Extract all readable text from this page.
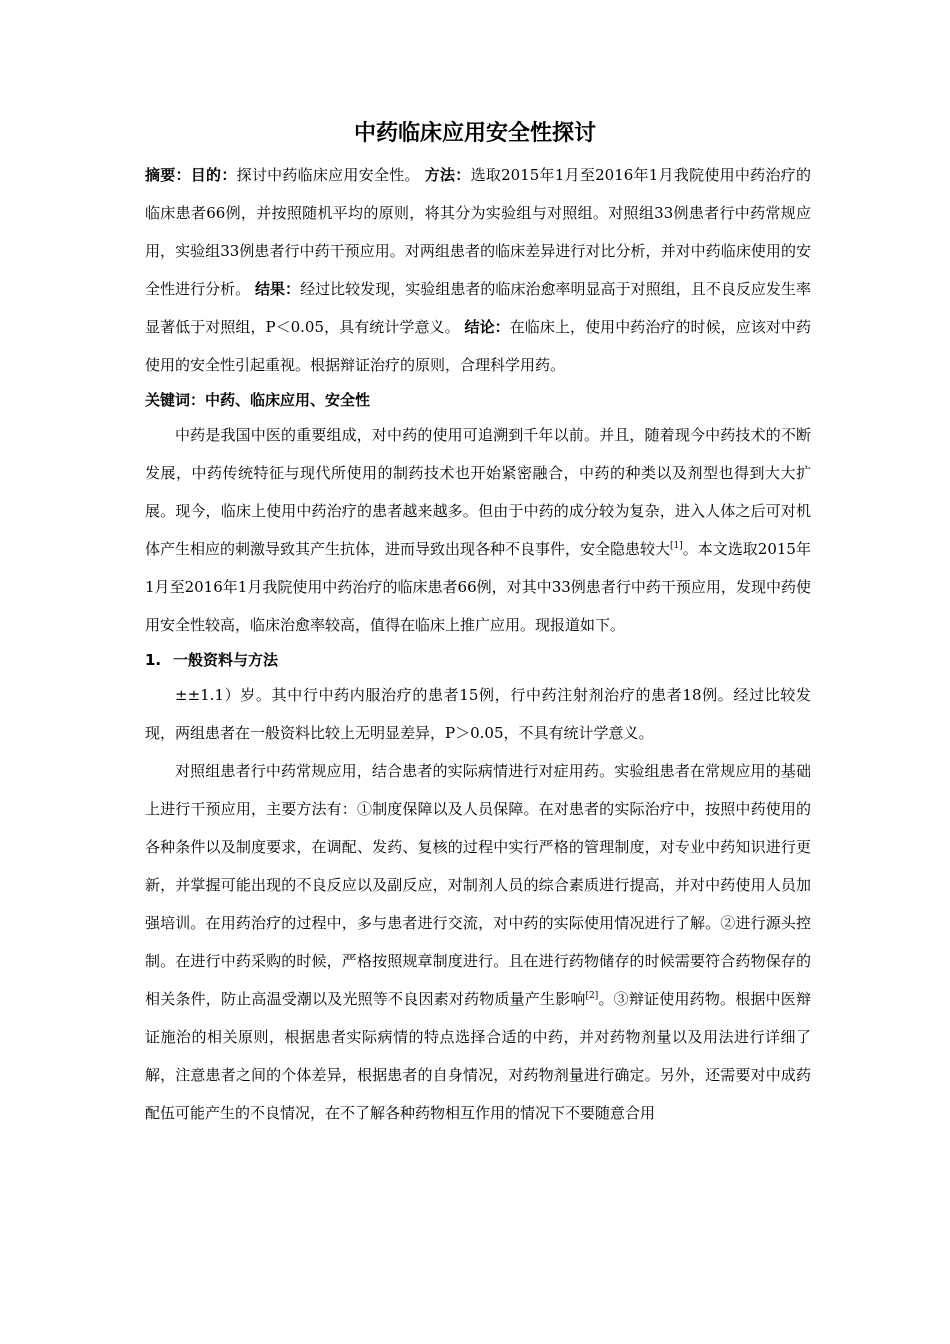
中药临床应用安全性探讨

摘要：目的：探讨中药临床应用安全性。 方法：选取2015年1月至2016年1月我院使用中药治疗的临床患者66例，并按照随机平均的原则，将其分为实验组与对照组。对照组33例患者行中药常规应用，实验组33例患者行中药干预应用。对两组患者的临床差异进行对比分析，并对中药临床使用的安全性进行分析。 结果：经过比较发现，实验组患者的临床治愈率明显高于对照组，且不良反应发生率显著低于对照组，P＜0.05，具有统计学意义。 结论：在临床上，使用中药治疗的时候，应该对中药使用的安全性引起重视。根据辩证治疗的原则，合理科学用药。

关键词：中药、临床应用、安全性

中药是我国中医的重要组成，对中药的使用可追溯到千年以前。并且，随着现今中药技术的不断发展，中药传统特征与现代所使用的制药技术也开始紧密融合，中药的种类以及剂型也得到大大扩展。现今，临床上使用中药治疗的患者越来越多。但由于中药的成分较为复杂，进入人体之后可对机体产生相应的刺激导致其产生抗体，进而导致出现各种不良事件，安全隐患较大[1]。本文选取2015年1月至2016年1月我院使用中药治疗的临床患者66例，对其中33例患者行中药干预应用，发现中药使用安全性较高，临床治愈率较高，值得在临床上推广应用。现报道如下。

1. 一般资料与方法

±±1.1）岁。其中行中药内服治疗的患者15例，行中药注射剂治疗的患者18例。经过比较发现，两组患者在一般资料比较上无明显差异，P＞0.05，不具有统计学意义。

对照组患者行中药常规应用，结合患者的实际病情进行对症用药。实验组患者在常规应用的基础上进行干预应用，主要方法有：①制度保障以及人员保障。在对患者的实际治疗中，按照中药使用的各种条件以及制度要求，在调配、发药、复核的过程中实行严格的管理制度，对专业中药知识进行更新，并掌握可能出现的不良反应以及副反应，对制剂人员的综合素质进行提高，并对中药使用人员加强培训。在用药治疗的过程中，多与患者进行交流，对中药的实际使用情况进行了解。②进行源头控制。在进行中药采购的时候，严格按照规章制度进行。且在进行药物储存的时候需要符合药物保存的相关条件，防止高温受潮以及光照等不良因素对药物质量产生影响[2]。③辩证使用药物。根据中医辩证施治的相关原则，根据患者实际病情的特点选择合适的中药，并对药物剂量以及用法进行详细了解，注意患者之间的个体差异，根据患者的自身情况，对药物剂量进行确定。另外，还需要对中成药配伍可能产生的不良情况，在不了解各种药物相互作用的情况下不要随意合用
